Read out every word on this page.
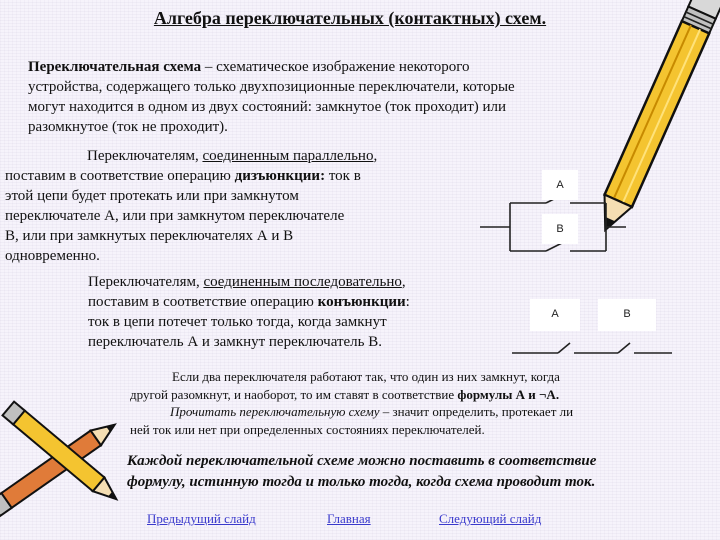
Алгебра переключательных (контактных) схем.
Переключательная схема – схематическое изображение некоторого
устройства, содержащего только двухпозиционные переключатели, которые
могут находится в одном из двух состояний: замкнутое (ток проходит) или
разомкнутое (ток не проходит).
Переключателям, соединенным параллельно,
поставим в соответствие операцию дизъюнкции: ток в
этой цепи будет протекать или при замкнутом
переключателе А, или при замкнутом переключателе
В, или при замкнутых переключателях А и В
одновременно.
Переключателям, соединенным последовательно,
поставим в соответствие операцию конъюнкции:
ток в цепи потечет только тогда, когда замкнут
переключатель А и замкнут переключатель В.
A
B
A	B
Если два переключателя работают так, что один из них замкнут, когда
другой разомкнут, и наоборот, то им ставят в соответствие формулы А и ¬А.
Прочитать переключательную схему – значит определить, протекает ли
ней ток или нет при определенных состояниях переключателей.
Каждой переключательной схеме можно поставить в соответствие
формулу, истинную тогда и только тогда, когда схема проводит ток.
Предыдущий слайд	Главная	Следующий слайд
